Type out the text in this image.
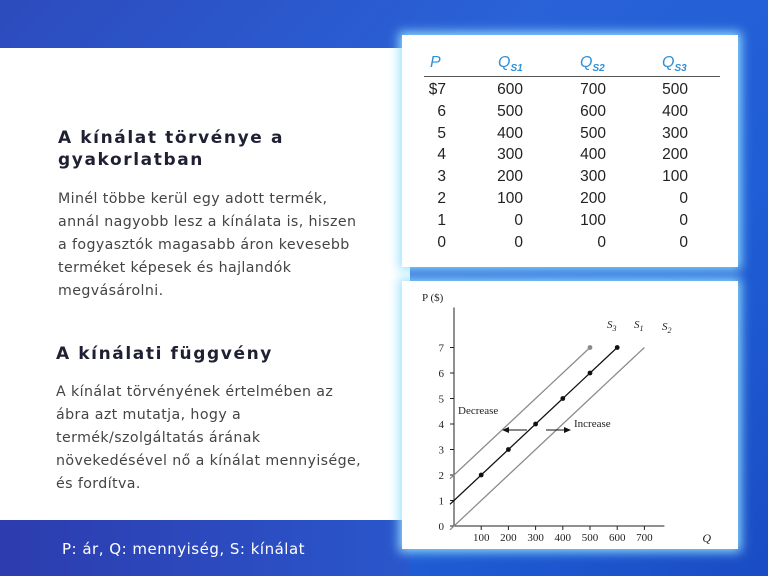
P: ár, Q: mennyiség, S: kínálat
A kínálat törvénye a
gyakorlatban
Minél többe kerül egy adott termék,
annál nagyobb lesz a kínálata is, hiszen
a fogyasztók magasabb áron kevesebb
terméket képesek és hajlandók
megvásárolni.
A kínálati függvény
A kínálat törvényének értelmében az
ábra azt mutatja, hogy a
termék/szolgáltatás árának
növekedésével nő a kínálat mennyisége,
és fordítva.
P	$Q_{S1}$	$Q_{S2}$	$Q_{S3}$
$7	600	700	500
6	500	600	400
5	400	500	300
4	300	400	200
3	200	300	100
2	100	200	0
1	0	100	0
0	0	0	0
0
1
2
3
4
5
6
7
100 200 300 400 500 600 700
P ($)
Q
$S_1$ $S_2$
$S_3$
Decrease
Increase
